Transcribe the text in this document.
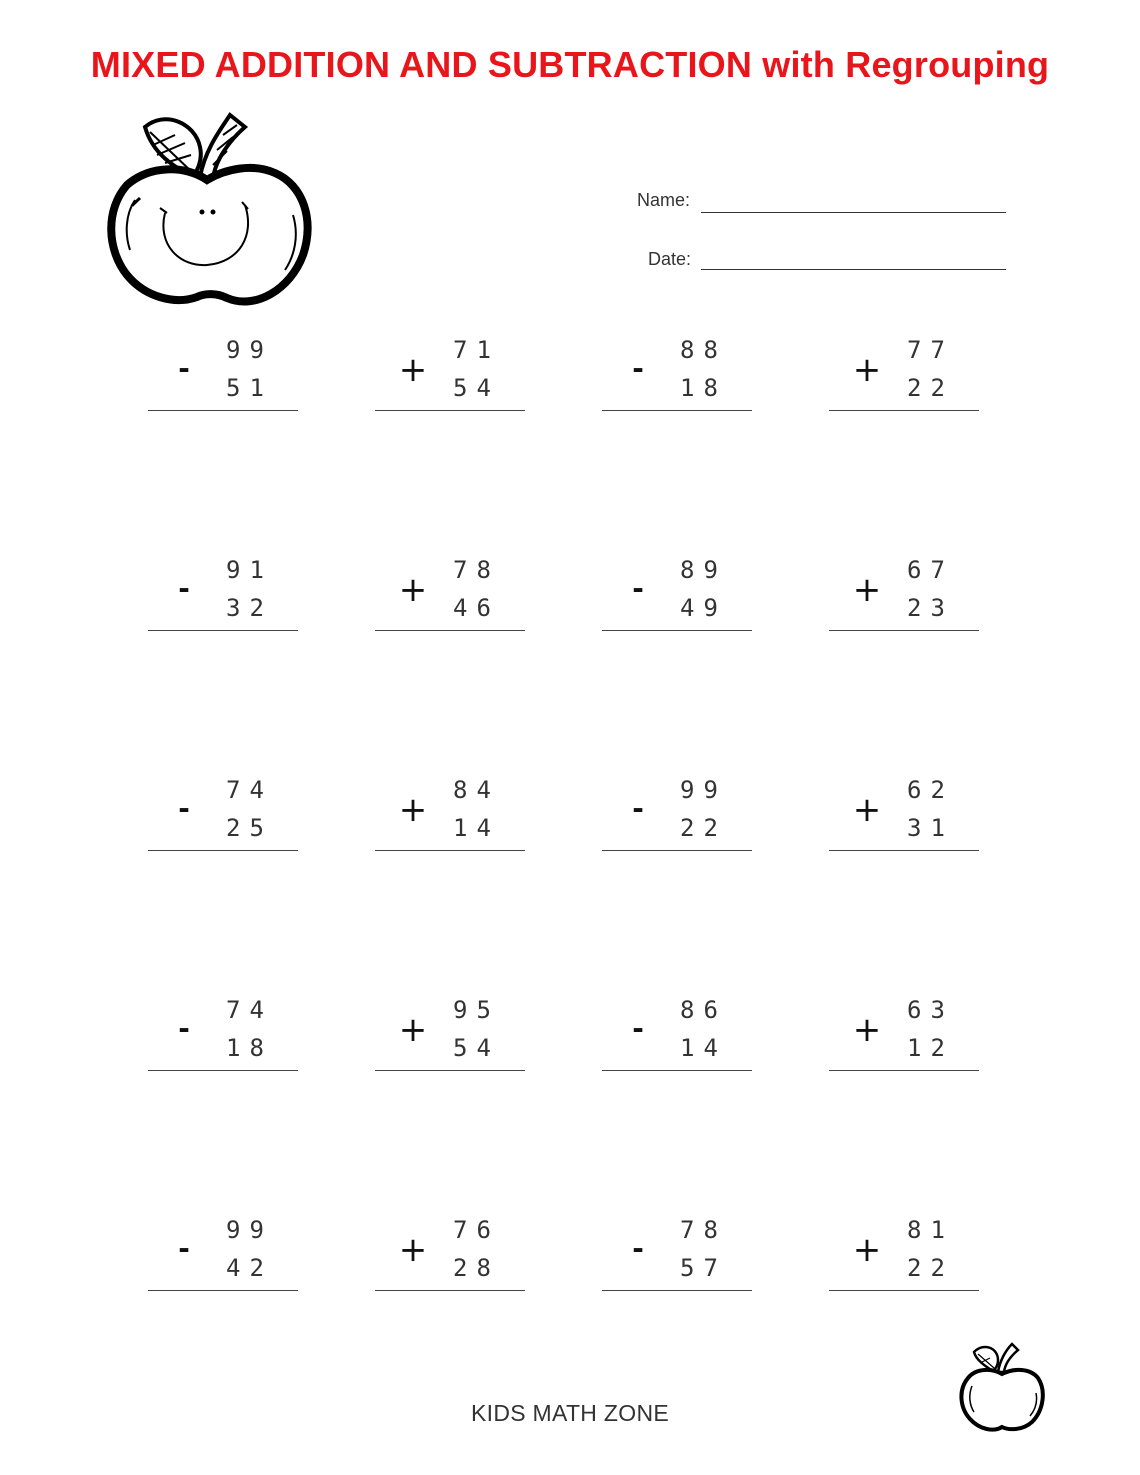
MIXED ADDITION AND SUBTRACTION with Regrouping
Name:
Date:
99
-
51
71
+ 54
88
-
18
77
+ 22
91
-
32
78
+ 46
89
-
49
67
+ 23
74
-
25
84
+ 14
99
-
22
62
+ 31
74
-
18
95
+ 54
86
-
14
63
+ 12
99
-
42
76
+ 28
78
-
57
81
+ 22
KIDS MATH ZONE
